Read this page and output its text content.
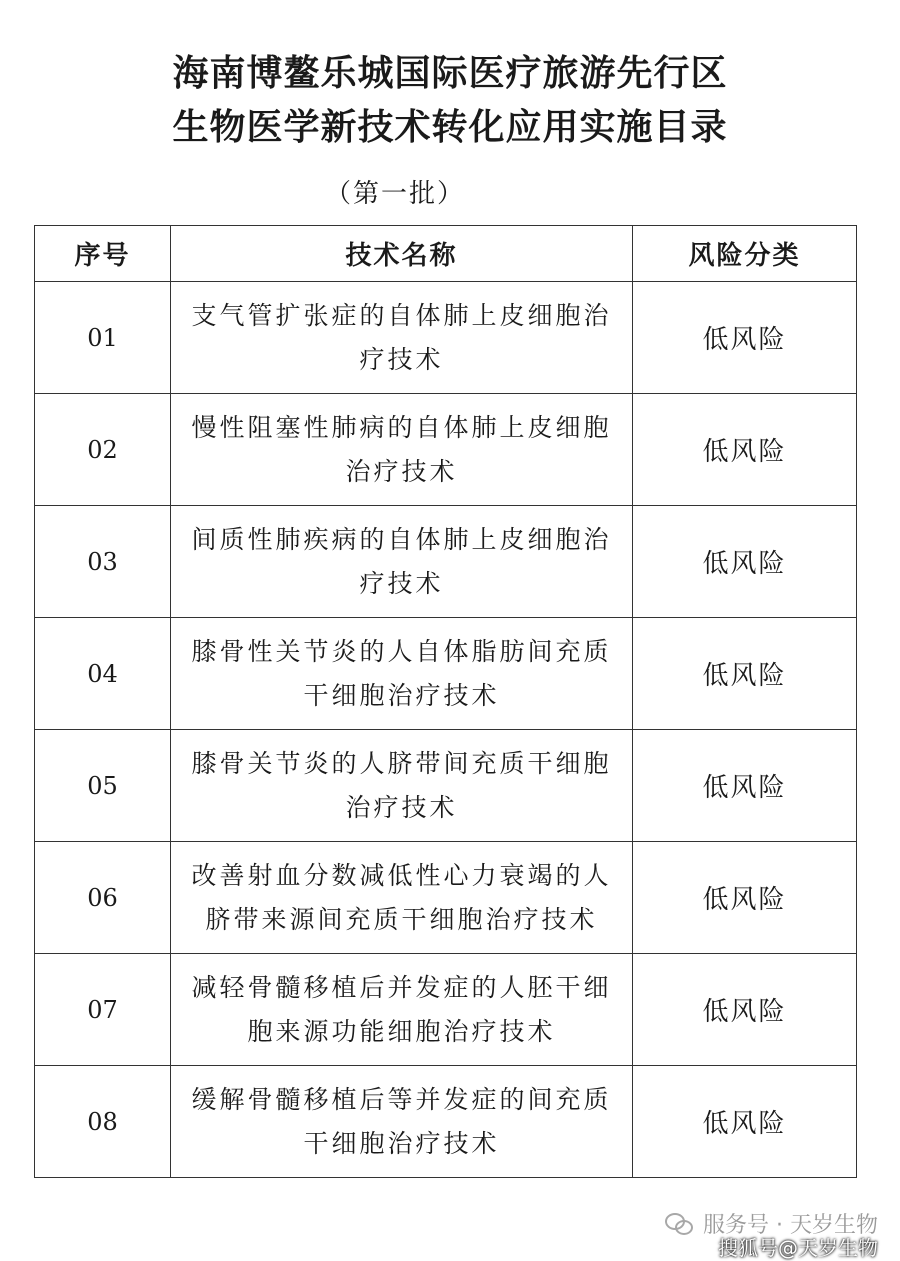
海南博鳌乐城国际医疗旅游先行区
生物医学新技术转化应用实施目录
（第一批）
序号	技术名称	风险分类
01	支气管扩张症的自体肺上皮细胞治疗技术	低风险
02	慢性阻塞性肺病的自体肺上皮细胞治疗技术	低风险
03	间质性肺疾病的自体肺上皮细胞治疗技术	低风险
04	膝骨性关节炎的人自体脂肪间充质干细胞治疗技术	低风险
05	膝骨关节炎的人脐带间充质干细胞治疗技术	低风险
06	改善射血分数减低性心力衰竭的人脐带来源间充质干细胞治疗技术	低风险
07	减轻骨髓移植后并发症的人胚干细胞来源功能细胞治疗技术	低风险
08	缓解骨髓移植后等并发症的间充质干细胞治疗技术	低风险
服务号 · 天岁生物
搜狐号@天岁生物
